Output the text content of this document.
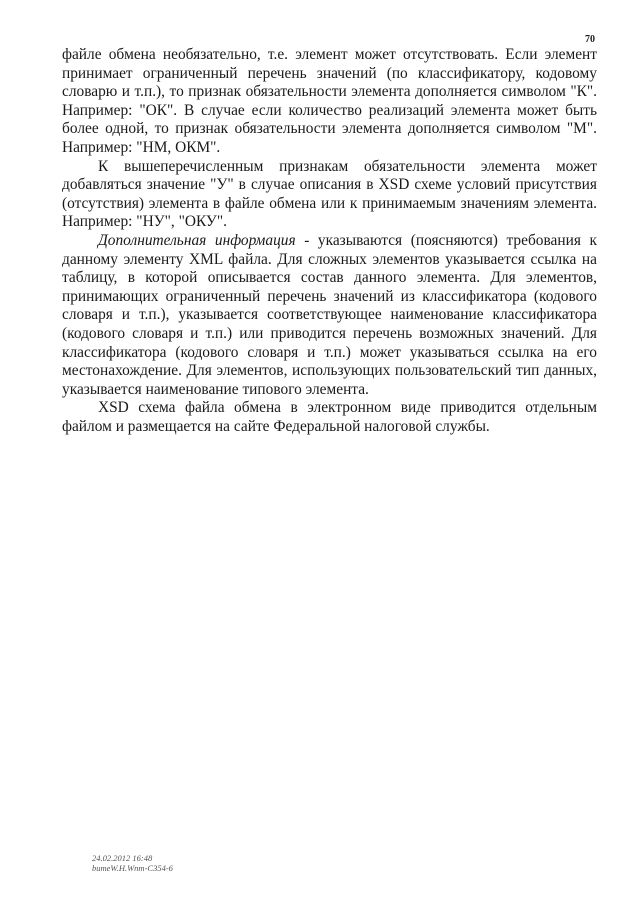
70

файле обмена необязательно, т.е. элемент может отсутствовать. Если элемент принимает ограниченный перечень значений (по классификатору, кодовому словарю и т.п.), то признак обязательности элемента дополняется символом "К". Например: "ОК". В случае если количество реализаций элемента может быть более одной, то признак обязательности элемента дополняется символом "М". Например: "НМ, ОКМ".

К вышеперечисленным признакам обязательности элемента может добавляться значение "У" в случае описания в XSD схеме условий присутствия (отсутствия) элемента в файле обмена или к принимаемым значениям элемента. Например: "НУ", "ОКУ".

Дополнительная информация - указываются (поясняются) требования к данному элементу XML файла. Для сложных элементов указывается ссылка на таблицу, в которой описывается состав данного элемента. Для элементов, принимающих ограниченный перечень значений из классификатора (кодового словаря и т.п.), указывается соответствующее наименование классификатора (кодового словаря и т.п.) или приводится перечень возможных значений. Для классификатора (кодового словаря и т.п.) может указываться ссылка на его местонахождение. Для элементов, использующих пользовательский тип данных, указывается наименование типового элемента.

XSD схема файла обмена в электронном виде приводится отдельным файлом и размещается на сайте Федеральной налоговой службы.

24.02.2012 16:48
bumeW.H.Wnm-C354-6
